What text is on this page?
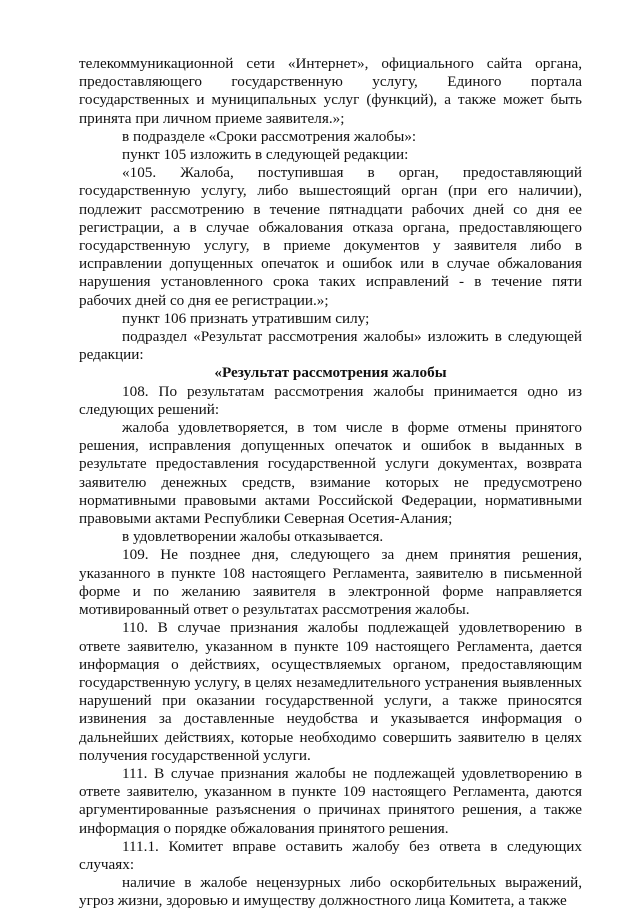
телекоммуникационной сети «Интернет», официального сайта органа, предоставляющего государственную услугу, Единого портала государственных и муниципальных услуг (функций), а также может быть принята при личном приеме заявителя.»;

в подразделе «Сроки рассмотрения жалобы»:

пункт 105 изложить в следующей редакции:

«105. Жалоба, поступившая в орган, предоставляющий государственную услугу, либо вышестоящий орган (при его наличии), подлежит рассмотрению в течение пятнадцати рабочих дней со дня ее регистрации, а в случае обжалования отказа органа, предоставляющего государственную услугу, в приеме документов у заявителя либо в исправлении допущенных опечаток и ошибок или в случае обжалования нарушения установленного срока таких исправлений - в течение пяти рабочих дней со дня ее регистрации.»;

пункт 106 признать утратившим силу;

подраздел «Результат рассмотрения жалобы» изложить в следующей редакции:

«Результат рассмотрения жалобы

108. По результатам рассмотрения жалобы принимается одно из следующих решений:

жалоба удовлетворяется, в том числе в форме отмены принятого решения, исправления допущенных опечаток и ошибок в выданных в результате предоставления государственной услуги документах, возврата заявителю денежных средств, взимание которых не предусмотрено нормативными правовыми актами Российской Федерации, нормативными правовыми актами Республики Северная Осетия-Алания;

в удовлетворении жалобы отказывается.

109. Не позднее дня, следующего за днем принятия решения, указанного в пункте 108 настоящего Регламента, заявителю в письменной форме и по желанию заявителя в электронной форме направляется мотивированный ответ о результатах рассмотрения жалобы.

110. В случае признания жалобы подлежащей удовлетворению в ответе заявителю, указанном в пункте 109 настоящего Регламента, дается информация о действиях, осуществляемых органом, предоставляющим государственную услугу, в целях незамедлительного устранения выявленных нарушений при оказании государственной услуги, а также приносятся извинения за доставленные неудобства и указывается информация о дальнейших действиях, которые необходимо совершить заявителю в целях получения государственной услуги.

111. В случае признания жалобы не подлежащей удовлетворению в ответе заявителю, указанном в пункте 109 настоящего Регламента, даются аргументированные разъяснения о причинах принятого решения, а также информация о порядке обжалования принятого решения.

111.1. Комитет вправе оставить жалобу без ответа в следующих случаях:

наличие в жалобе нецензурных либо оскорбительных выражений, угроз жизни, здоровью и имуществу должностного лица Комитета, а также
